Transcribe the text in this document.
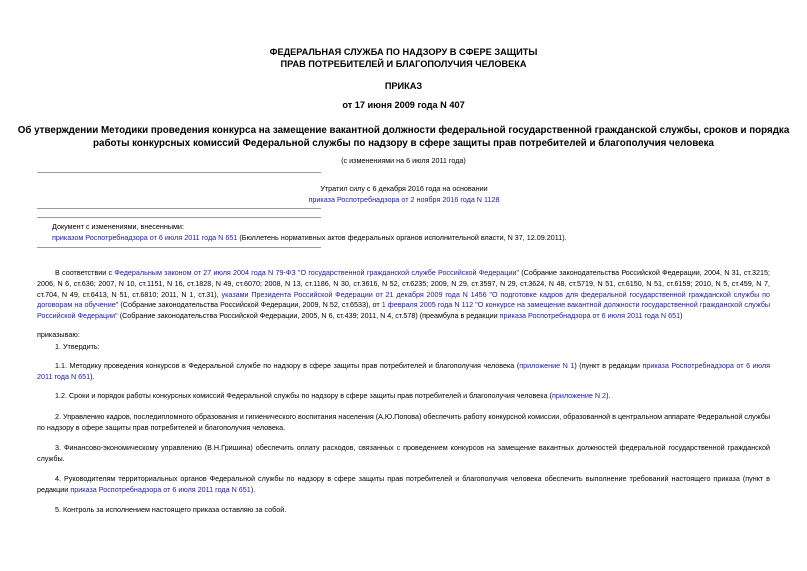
ФЕДЕРАЛЬНАЯ СЛУЖБА ПО НАДЗОРУ В СФЕРЕ ЗАЩИТЫ
ПРАВ ПОТРЕБИТЕЛЕЙ И БЛАГОПОЛУЧИЯ ЧЕЛОВЕКА
ПРИКАЗ
от 17 июня 2009 года N 407
Об утверждении Методики проведения конкурса на замещение вакантной должности федеральной государственной гражданской службы, сроков и порядка
работы конкурсных комиссий Федеральной службы по надзору в сфере защиты прав потребителей и благополучия человека
(с изменениями на 6 июля 2011 года)
Утратил силу с 6 декабря 2016 года на основании
приказа Роспотребнадзора от 2 ноября 2016 года N 1128
Документ с изменениями, внесенными:
приказом Роспотребнадзора от 6 июля 2011 года N 651 (Бюллетень нормативных актов федеральных органов исполнительной власти, N 37, 12.09.2011).
В соответствии с Федеральным законом от 27 июля 2004 года N 79-ФЗ "О государственной гражданской службе Российской Федерации" (Собрание законодательства Российской Федерации, 2004, N 31, ст.3215; 2006, N 6, ст.636; 2007, N 10, ст.1151, N 16, ст.1828, N 49, ст.6070; 2008, N 13, ст.1186, N 30, ст.3616, N 52, ст.6235; 2009, N 29, ст.3597, N 29, ст.3624, N 48, ст.5719, N 51, ст.6150, N 51, ст.6159; 2010, N 5, ст.459, N 7, ст.704, N 49, ст.6413, N 51, ст.6810; 2011, N 1, ст.31), указами Президента Российской Федерации от 21 декабря 2009 года N 1456 "О подготовке кадров для федеральной государственной гражданской службы по договорам на обучение" (Собрание законодательства Российской Федерации, 2009, N 52, ст.6533), от 1 февраля 2005 года N 112 "О конкурсе на замещение вакантной должности государственной гражданской службы Российской Федерации" (Собрание законодательства Российской Федерации, 2005, N 6, ст.439; 2011, N 4, ст.578) (преамбула в редакции приказа Роспотребнадзора от 6 июля 2011 года N 651)
приказываю:
1. Утвердить:
1.1. Методику проведения конкурсов в Федеральной службе по надзору в сфере защиты прав потребителей и благополучия человека (приложение N 1) (пункт в редакции приказа Роспотребнадзора от 6 июля 2011 года N 651).
1.2. Сроки и порядок работы конкурсных комиссий Федеральной службы по надзору в сфере защиты прав потребителей и благополучия человека (приложение N 2).
2. Управлению кадров, последипломного образования и гигиенического воспитания населения (А.Ю.Попова) обеспечить работу конкурсной комиссии, образованной в центральном аппарате Федеральной службы по надзору в сфере защиты прав потребителей и благополучия человека.
3. Финансово-экономическому управлению (В.Н.Гришина) обеспечить оплату расходов, связанных с проведением конкурсов на замещение вакантных должностей федеральной государственной гражданской службы.
4. Руководителям территориальных органов Федеральной службы по надзору в сфере защиты прав потребителей и благополучия человека обеспечить выполнение требований настоящего приказа (пункт в редакции приказа Роспотребнадзора от 6 июля 2011 года N 651).
5. Контроль за исполнением настоящего приказа оставляю за собой.
